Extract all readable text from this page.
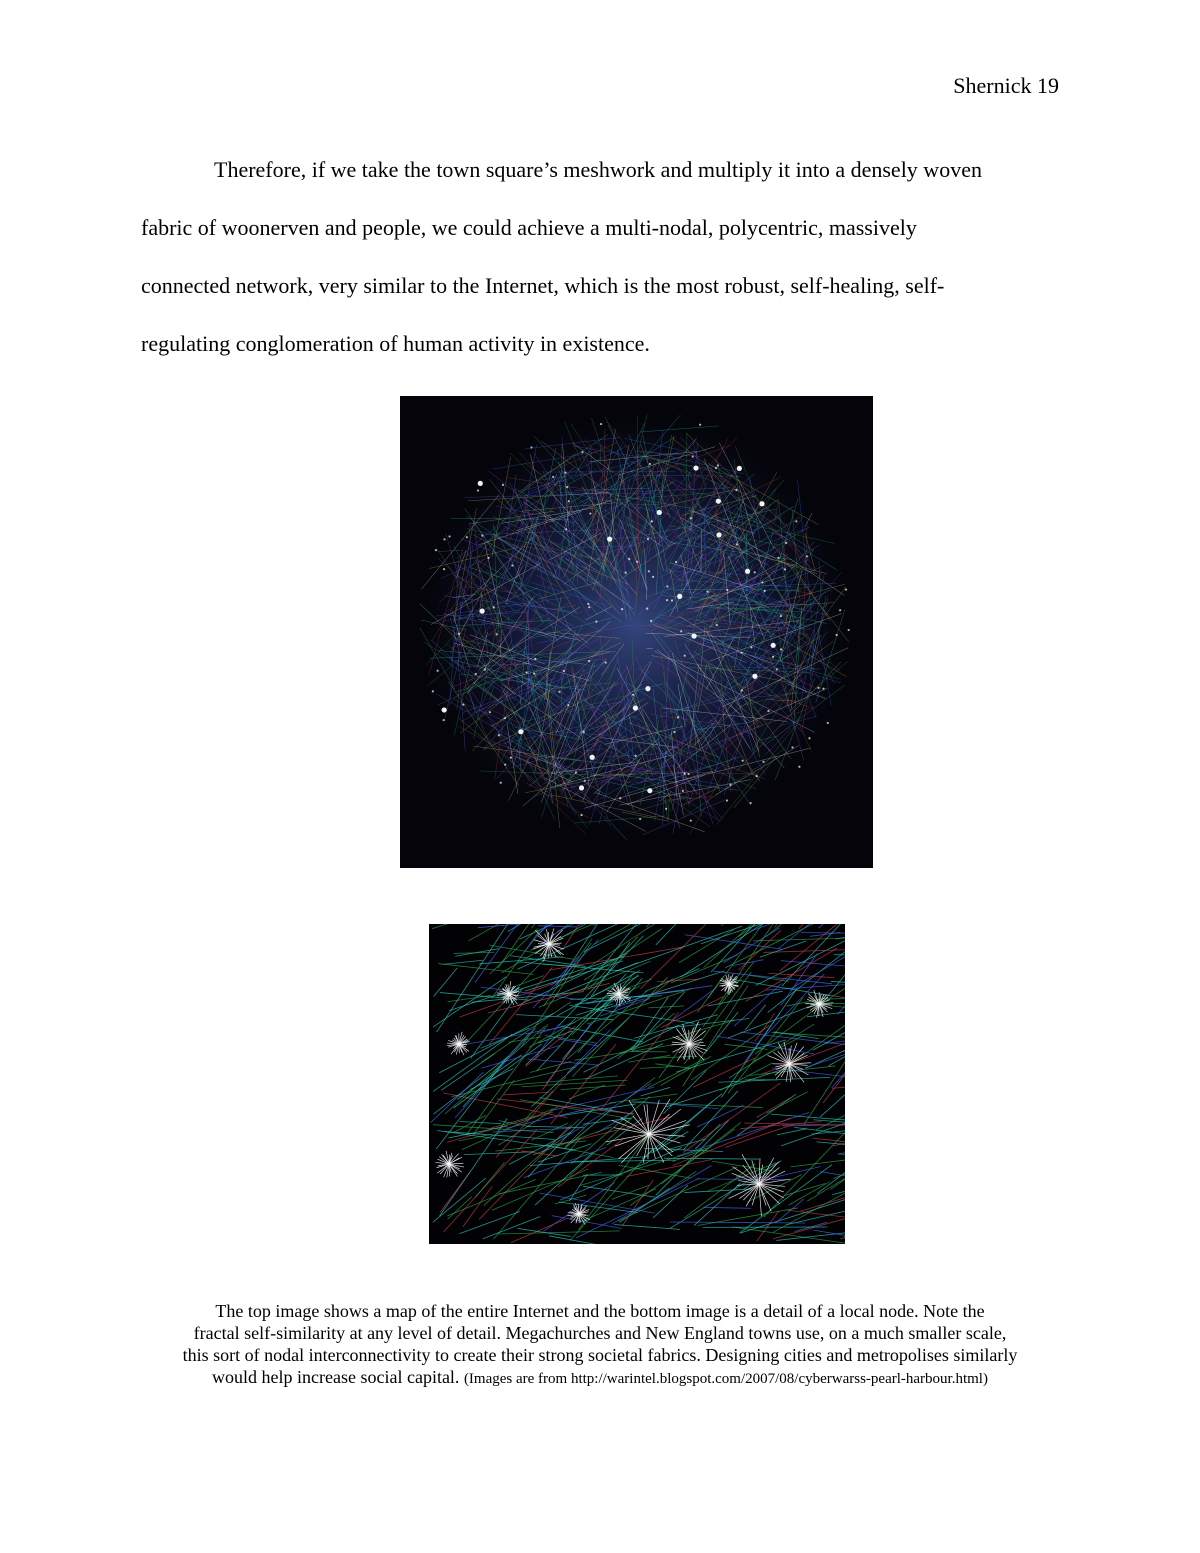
Shernick 19

Therefore, if we take the town square’s meshwork and multiply it into a densely woven
fabric of woonerven and people, we could achieve a multi-nodal, polycentric, massively
connected network, very similar to the Internet, which is the most robust, self-healing, self-
regulating conglomeration of human activity in existence.

The top image shows a map of the entire Internet and the bottom image is a detail of a local node. Note the
fractal self-similarity at any level of detail. Megachurches and New England towns use, on a much smaller scale,
this sort of nodal interconnectivity to create their strong societal fabrics. Designing cities and metropolises similarly
would help increase social capital. (Images are from http://warintel.blogspot.com/2007/08/cyberwarss-pearl-harbour.html)
